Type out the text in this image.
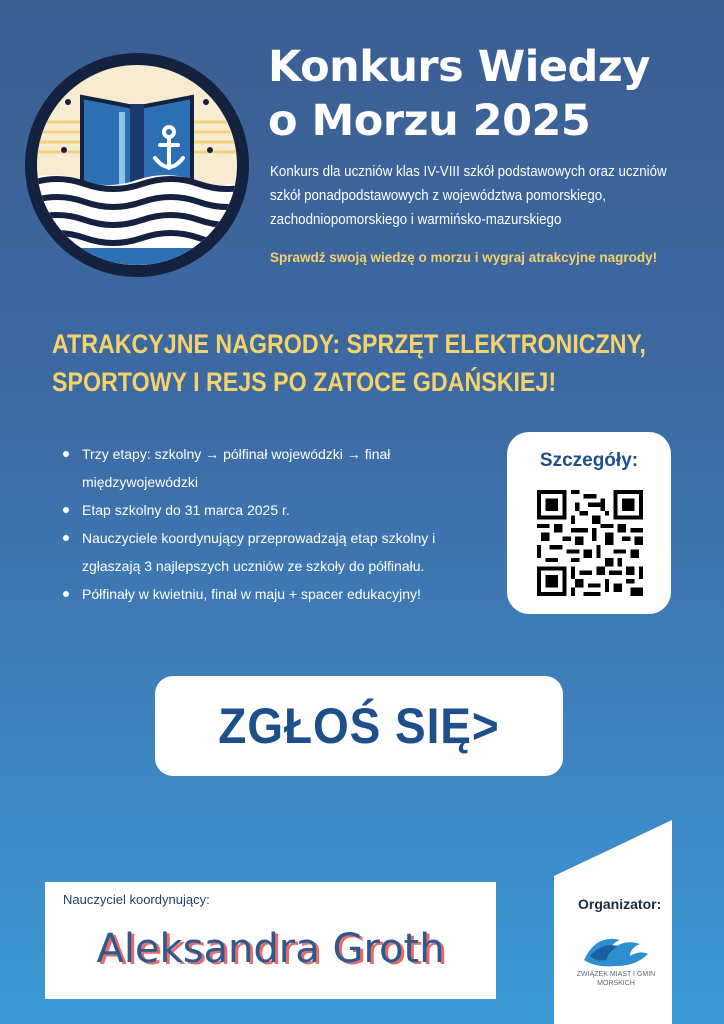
Konkurs Wiedzy
o Morzu 2025
Konkurs dla uczniów klas IV-VIII szkół podstawowych oraz uczniów szkół ponadpodstawowych z województwa pomorskiego, zachodniopomorskiego i warmińsko-mazurskiego
Sprawdź swoją wiedzę o morzu i wygraj atrakcyjne nagrody!
ATRAKCYJNE NAGRODY: SPRZĘT ELEKTRONICZNY,
SPORTOWY I REJS PO ZATOCE GDAŃSKIEJ!
Trzy etapy: szkolny → półfinał wojewódzki → finał międzywojewódzki
Etap szkolny do 31 marca 2025 r.
Nauczyciele koordynujący przeprowadzają etap szkolny i zgłaszają 3 najlepszych uczniów ze szkoły do półfinału.
Półfinały w kwietniu, finał w maju + spacer edukacyjny!
Szczegóły:
ZGŁOŚ SIĘ>
Nauczyciel koordynujący:
Aleksandra Groth
Organizator:
ZWIĄZEK MIAST I GMIN MORSKICH
